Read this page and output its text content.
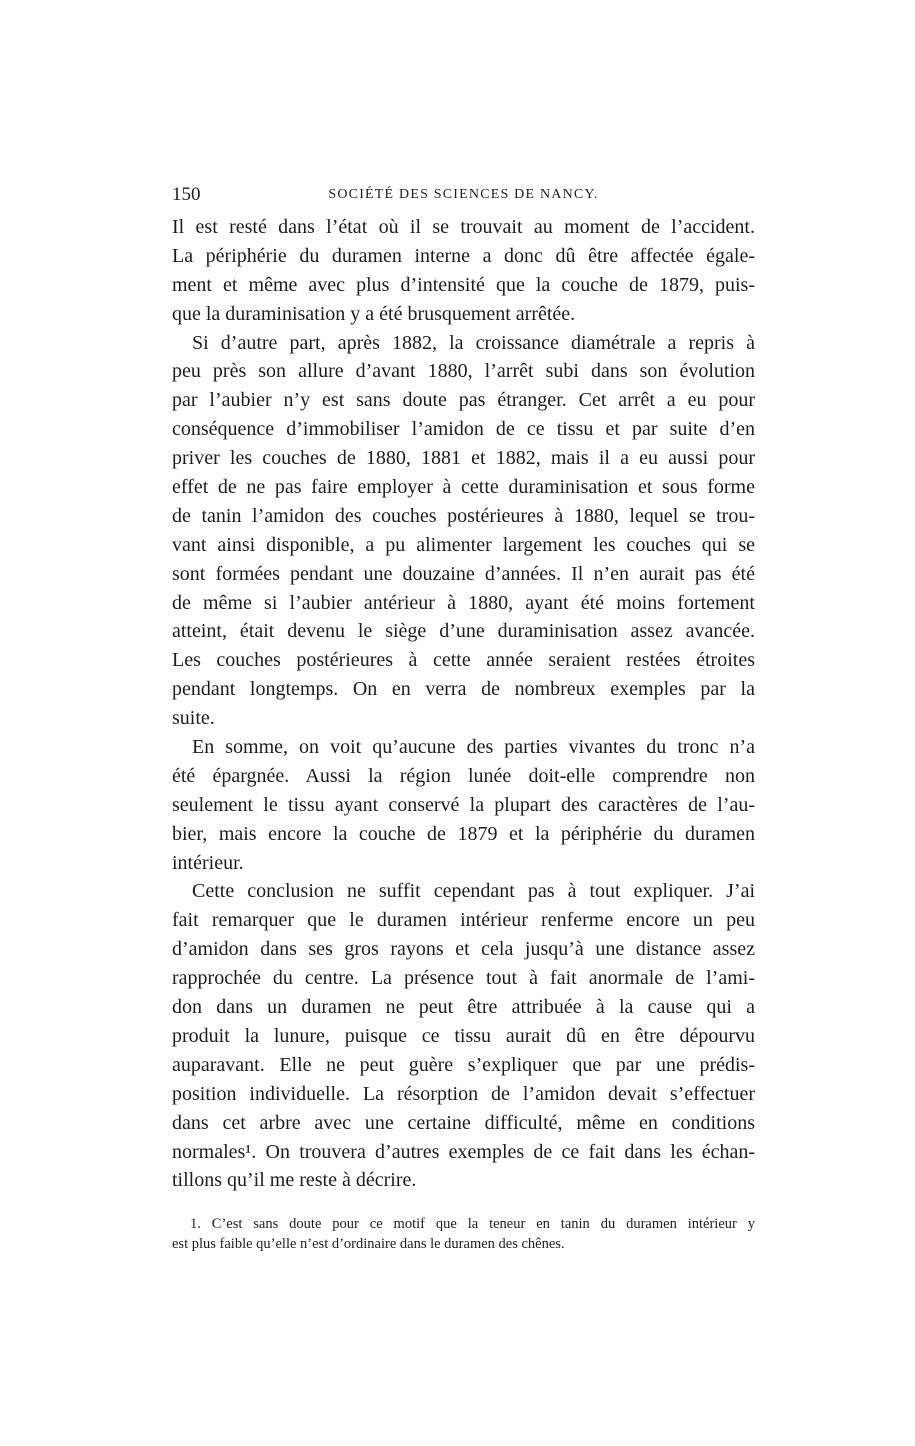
150	SOCIÉTÉ DES SCIENCES DE NANCY.
Il est resté dans l’état où il se trouvait au moment de l’accident.
La périphérie du duramen interne a donc dû être affectée égale-
ment et même avec plus d’intensité que la couche de 1879, puis-
que la duraminisation y a été brusquement arrêtée.
Si d’autre part, après 1882, la croissance diamétrale a repris à
peu près son allure d’avant 1880, l’arrêt subi dans son évolution
par l’aubier n’y est sans doute pas étranger. Cet arrêt a eu pour
conséquence d’immobiliser l’amidon de ce tissu et par suite d’en
priver les couches de 1880, 1881 et 1882, mais il a eu aussi pour
effet de ne pas faire employer à cette duraminisation et sous forme
de tanin l’amidon des couches postérieures à 1880, lequel se trou-
vant ainsi disponible, a pu alimenter largement les couches qui se
sont formées pendant une douzaine d’années. Il n’en aurait pas été
de même si l’aubier antérieur à 1880, ayant été moins fortement
atteint, était devenu le siège d’une duraminisation assez avancée.
Les couches postérieures à cette année seraient restées étroites
pendant longtemps. On en verra de nombreux exemples par la
suite.
En somme, on voit qu’aucune des parties vivantes du tronc n’a
été épargnée. Aussi la région lunée doit-elle comprendre non
seulement le tissu ayant conservé la plupart des caractères de l’au-
bier, mais encore la couche de 1879 et la périphérie du duramen
intérieur.
Cette conclusion ne suffit cependant pas à tout expliquer. J’ai
fait remarquer que le duramen intérieur renferme encore un peu
d’amidon dans ses gros rayons et cela jusqu’à une distance assez
rapprochée du centre. La présence tout à fait anormale de l’ami-
don dans un duramen ne peut être attribuée à la cause qui a
produit la lunure, puisque ce tissu aurait dû en être dépourvu
auparavant. Elle ne peut guère s’expliquer que par une prédis-
position individuelle. La résorption de l’amidon devait s’effectuer
dans cet arbre avec une certaine difficulté, même en conditions
normales¹. On trouvera d’autres exemples de ce fait dans les échan-
tillons qu’il me reste à décrire.
1. C’est sans doute pour ce motif que la teneur en tanin du duramen intérieur y
est plus faible qu’elle n’est d’ordinaire dans le duramen des chênes.
